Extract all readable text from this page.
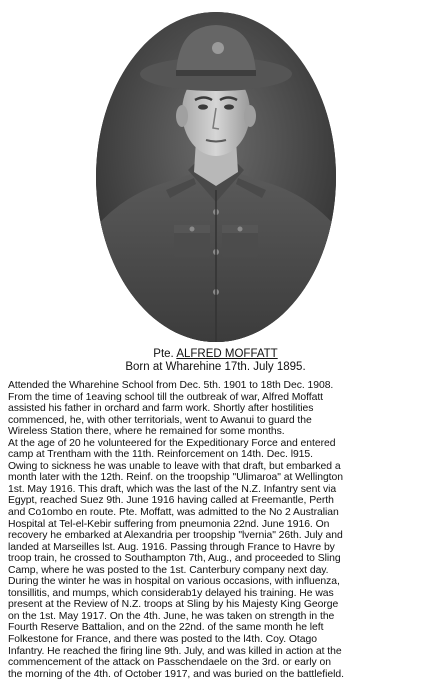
Pte. ALFRED MOFFATT
Born at Wharehine 17th. July 1895.
Attended the Wharehine School from Dec. 5th. 1901 to 18th Dec. 1908.
From the time of 1eaving school till the outbreak of war, Alfred Moffatt
assisted his father in orchard and farm work. Shortly after hostilities
commenced, he, with other territorials, went to Awanui to guard the
Wireless Station there, where he remained for some months.
At the age of 20 he volunteered for the Expeditionary Force and entered
camp at Trentham with the 11th. Reinforcement on 14th. Dec. l915.
Owing to sickness he was unable to leave with that draft, but embarked a
month later with the 12th. Reinf. on the troopship "Ulimaroa" at Wellington
1st. May 1916. This draft, which was the last of the N.Z. Infantry sent via
Egypt, reached Suez 9th. June 1916 having called at Freemantle, Perth
and Co1ombo en route. Pte. Moffatt, was admitted to the No 2 Australian
Hospital at Tel-el-Kebir suffering from pneumonia 22nd. June 1916. On
recovery he embarked at Alexandria per troopship "lvernia" 26th. July and
landed at Marseilles lst. Aug. 1916. Passing through France to Havre by
troop train, he crossed to Southampton 7th, Aug., and proceeded to Sling
Camp, where he was posted to the 1st. Canterbury company next day.
During the winter he was in hospital on various occasions, with influenza,
tonsillitis, and mumps, which considerab1y delayed his training. He was
present at the Review of N.Z. troops at Sling by his Majesty King George
on the 1st. May 1917. On the 4th. June, he was taken on strength in the
Fourth Reserve Battalion, and on the 22nd. of the same month he left
Folkestone for France, and there was posted to the l4th. Coy. Otago
Infantry. He reached the firing line 9th. July, and was killed in action at the
commencement of the attack on Passchendaele on the 3rd. or early on
the morning of the 4th. of October 1917, and was buried on the battlefield.
